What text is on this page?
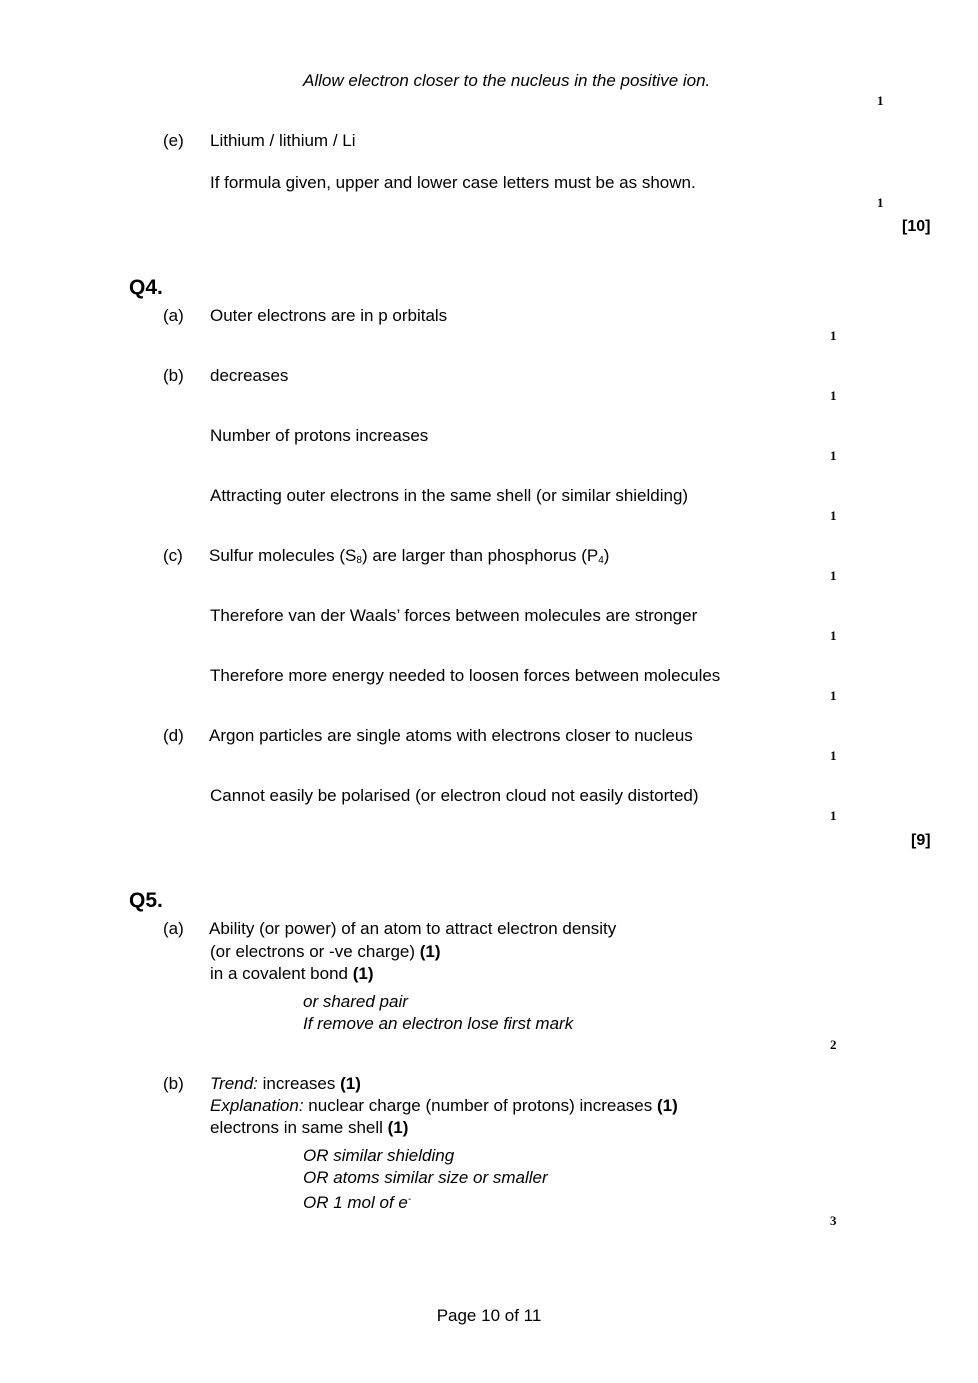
Allow electron closer to the nucleus in the positive ion.
1
(e) Lithium / lithium / Li
If formula given, upper and lower case letters must be as shown.
1
[10]
Q4.
(a) Outer electrons are in p orbitals
1
(b) decreases
1
Number of protons increases
1
Attracting outer electrons in the same shell (or similar shielding)
1
(c) Sulfur molecules $(S_8)$ are larger than phosphorus $(P_4)$
1
Therefore van der Waals’ forces between molecules are stronger
1
Therefore more energy needed to loosen forces between molecules
1
(d) Argon particles are single atoms with electrons closer to nucleus
1
Cannot easily be polarised (or electron cloud not easily distorted)
1
[9]
Q5.
(a) Ability (or power) of an atom to attract electron density
(or electrons or -ve charge) (1)
in a covalent bond (1)
or shared pair
If remove an electron lose first mark
2
(b) Trend: increases (1)
Explanation: nuclear charge (number of protons) increases (1)
electrons in same shell (1)
OR similar shielding
OR atoms similar size or smaller
OR 1 mol of e-
3
Page 10 of 11
